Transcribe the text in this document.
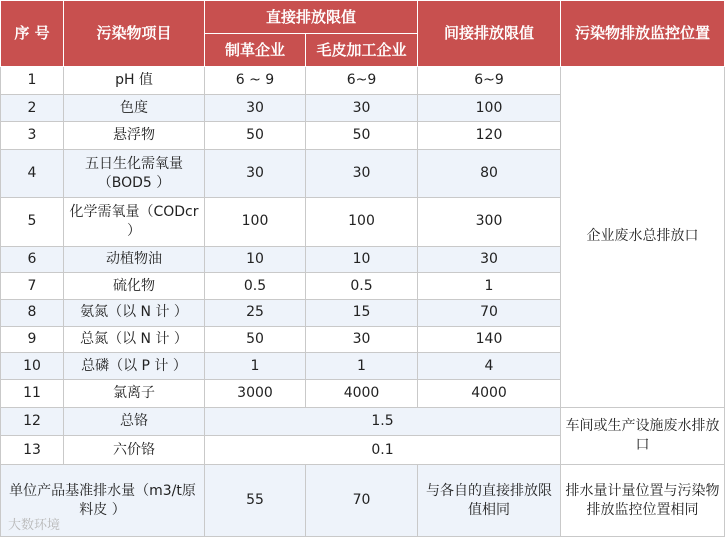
序 号	污染物项目	直接排放限值		间接排放限值	污染物排放监控位置
		制革企业	毛皮加工企业		
1	pH 值	6 ~ 9	6~9	6~9	企业废水总排放口
2	色度	30	30	100	
3	悬浮物	50	50	120	
4	五日生化需氧量（BOD5 ）	30	30	80	
5	化学需氧量（CODcr ）	100	100	300	
6	动植物油	10	10	30	
7	硫化物	0.5	0.5	1	
8	氨氮（以 N 计 ）	25	15	70	
9	总氮（以 N 计 ）	50	30	140	
10	总磷（以 P 计 ）	1	1	4	
11	氯离子	3000	4000	4000	
12	总铬	1.5			车间或生产设施废水排放口
13	六价铬	0.1			
单位产品基准排水量（m3/t原料皮 ）		55	70	与各自的直接排放限值相同	排水量计量位置与污染物排放监控位置相同
大数环境
